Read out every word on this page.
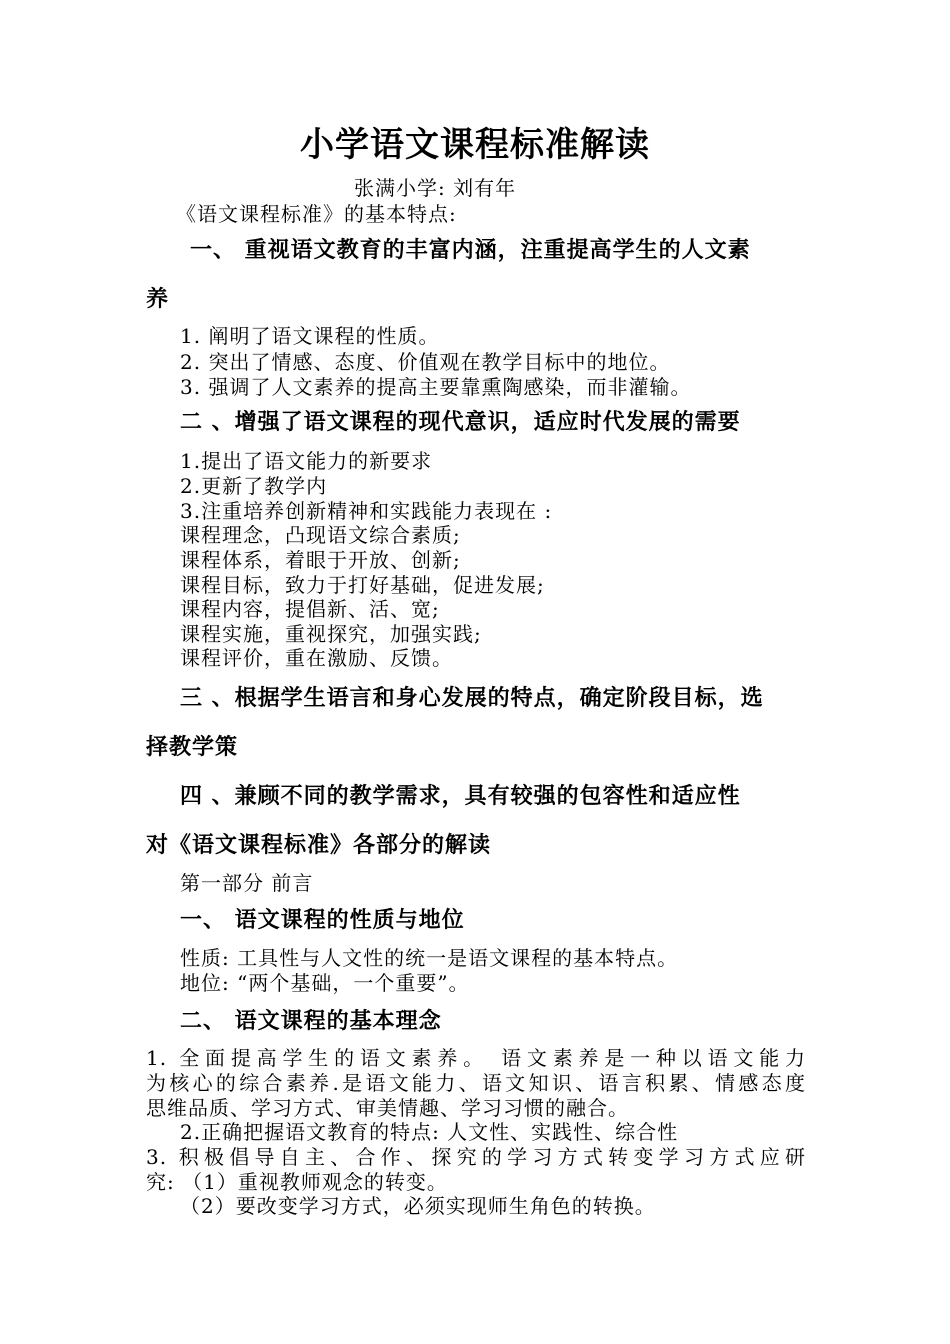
小学语文课程标准解读
张满小学: 刘有年
《语文课程标准》的基本特点:
一、 重视语文教育的丰富内涵，注重提高学生的人文素
养
1. 阐明了语文课程的性质。
2. 突出了情感、态度、价值观在教学目标中的地位。
3. 强调了人文素养的提高主要靠熏陶感染，而非灌输。
二 、增强了语文课程的现代意识，适应时代发展的需要
1.提出了语文能力的新要求
2.更新了教学内
3.注重培养创新精神和实践能力表现在 :
课程理念，凸现语文综合素质;
课程体系，着眼于开放、创新;
课程目标，致力于打好基础，促进发展;
课程内容，提倡新、活、宽;
课程实施，重视探究，加强实践;
课程评价，重在激励、反馈。
三 、根据学生语言和身心发展的特点，确定阶段目标，选
择教学策
四 、兼顾不同的教学需求，具有较强的包容性和适应性
对《语文课程标准》各部分的解读
第一部分 前言
一、 语文课程的性质与地位
性质: 工具性与人文性的统一是语文课程的基本特点。
地位: “两个基础，一个重要”。
二、 语文课程的基本理念
1. 全面提高学生的语文素养。 语文素养是一种以语文能力
为核心的综合素养.是语文能力、语文知识、语言积累、情感态度
思维品质、学习方式、审美情趣、学习习惯的融合。
2.正确把握语文教育的特点: 人文性、实践性、综合性
3. 积极倡导自主、合作、探究的学习方式转变学习方式应研
究: （1）重视教师观念的转变。
（2）要改变学习方式，必须实现师生角色的转换。
